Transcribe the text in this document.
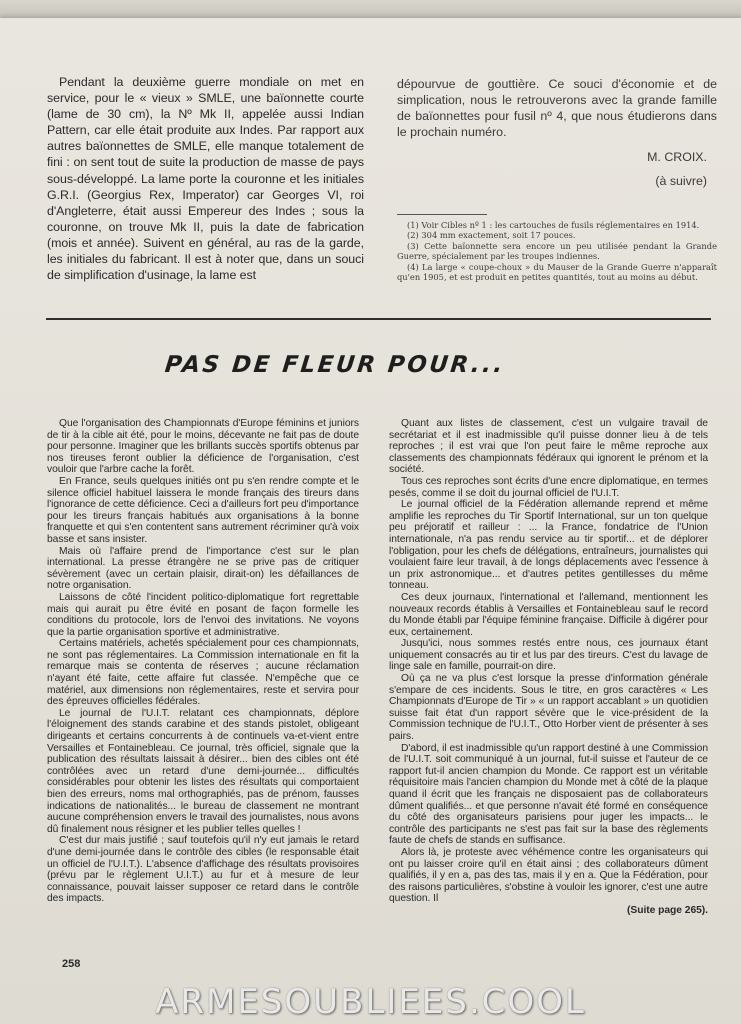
Pendant la deuxième guerre mondiale on met en service, pour le « vieux » SMLE, une baïonnette courte (lame de 30 cm), la Nº Mk II, appelée aussi Indian Pattern, car elle était produite aux Indes. Par rapport aux autres baïonnettes de SMLE, elle manque totalement de fini : on sent tout de suite la production de masse de pays sous-développé. La lame porte la couronne et les initiales G.R.I. (Georgius Rex, Imperator) car Georges VI, roi d'Angleterre, était aussi Empereur des Indes ; sous la couronne, on trouve Mk II, puis la date de fabrication (mois et année). Suivent en général, au ras de la garde, les initiales du fabricant. Il est à noter que, dans un souci de simplification d'usinage, la lame est

dépourvue de gouttière. Ce souci d'économie et de simplication, nous le retrouverons avec la grande famille de baïonnettes pour fusil nº 4, que nous étudierons dans le prochain numéro.

M. CROIX.
(à suivre)

(1) Voir Cibles nº 1 : les cartouches de fusils réglementaires en 1914.

(2) 304 mm exactement, soit 17 pouces.

(3) Cette baïonnette sera encore un peu utilisée pendant la Grande Guerre, spécialement par les troupes indiennes.

(4) La large « coupe-choux » du Mauser de la Grande Guerre n'apparaît qu'en 1905, et est produit en petites quantités, tout au moins au début.

PAS DE FLEUR POUR...

Que l'organisation des Championnats d'Europe féminins et juniors de tir à la cible ait été, pour le moins, décevante ne fait pas de doute pour personne. Imaginer que les brillants succès sportifs obtenus par nos tireuses feront oublier la déficience de l'organisation, c'est vouloir que l'arbre cache la forêt.

En France, seuls quelques initiés ont pu s'en rendre compte et le silence officiel habituel laissera le monde français des tireurs dans l'ignorance de cette déficience. Ceci a d'ailleurs fort peu d'importance pour les tireurs français habitués aux organisations à la bonne franquette et qui s'en contentent sans autrement récriminer qu'à voix basse et sans insister.

Mais où l'affaire prend de l'importance c'est sur le plan international. La presse étrangère ne se prive pas de critiquer sévèrement (avec un certain plaisir, dirait-on) les défaillances de notre organisation.

Laissons de côté l'incident politico-diplomatique fort regrettable mais qui aurait pu être évité en posant de façon formelle les conditions du protocole, lors de l'envoi des invitations. Ne voyons que la partie organisation sportive et administrative.

Certains matériels, achetés spécialement pour ces championnats, ne sont pas réglementaires. La Commission internationale en fit la remarque mais se contenta de réserves ; aucune réclamation n'ayant été faite, cette affaire fut classée. N'empêche que ce matériel, aux dimensions non réglementaires, reste et servira pour des épreuves officielles fédérales.

Le journal de l'U.I.T. relatant ces championnats, déplore l'éloignement des stands carabine et des stands pistolet, obligeant dirigeants et certains concurrents à de continuels va-et-vient entre Versailles et Fontainebleau. Ce journal, très officiel, signale que la publication des résultats laissait à désirer... bien des cibles ont été contrôlées avec un retard d'une demi-journée... difficultés considérables pour obtenir les listes des résultats qui comportaient bien des erreurs, noms mal orthographiés, pas de prénom, fausses indications de nationalités... le bureau de classement ne montrant aucune compréhension envers le travail des journalistes, nous avons dû finalement nous résigner et les publier telles quelles !

C'est dur mais justifié ; sauf toutefois qu'il n'y eut jamais le retard d'une demi-journée dans le contrôle des cibles (le responsable était un officiel de l'U.I.T.). L'absence d'affichage des résultats provisoires (prévu par le règlement U.I.T.) au fur et à mesure de leur connaissance, pouvait laisser supposer ce retard dans le contrôle des impacts.

Quant aux listes de classement, c'est un vulgaire travail de secrétariat et il est inadmissible qu'il puisse donner lieu à de tels reproches ; il est vrai que l'on peut faire le même reproche aux classements des championnats fédéraux qui ignorent le prénom et la société.

Tous ces reproches sont écrits d'une encre diplomatique, en termes pesés, comme il se doit du journal officiel de l'U.I.T.

Le journal officiel de la Fédération allemande reprend et même amplifie les reproches du Tir Sportif International, sur un ton quelque peu préjoratif et railleur : ... la France, fondatrice de l'Union internationale, n'a pas rendu service au tir sportif... et de déplorer l'obligation, pour les chefs de délégations, entraîneurs, journalistes qui voulaient faire leur travail, à de longs déplacements avec l'essence à un prix astronomique... et d'autres petites gentillesses du même tonneau.

Ces deux journaux, l'international et l'allemand, mentionnent les nouveaux records établis à Versailles et Fontainebleau sauf le record du Monde établi par l'équipe féminine française. Difficile à digérer pour eux, certainement.

Jusqu'ici, nous sommes restés entre nous, ces journaux étant uniquement consacrés au tir et lus par des tireurs. C'est du lavage de linge sale en famille, pourrait-on dire.

Où ça ne va plus c'est lorsque la presse d'information générale s'empare de ces incidents. Sous le titre, en gros caractères « Les Championnats d'Europe de Tir » « un rapport accablant » un quotidien suisse fait état d'un rapport sévère que le vice-président de la Commission technique de l'U.I.T., Otto Horber vient de présenter à ses pairs.

D'abord, il est inadmissible qu'un rapport destiné à une Commission de l'U.I.T. soit communiqué à un journal, fut-il suisse et l'auteur de ce rapport fut-il ancien champion du Monde. Ce rapport est un véritable réquisitoire mais l'ancien champion du Monde met à côté de la plaque quand il écrit que les français ne disposaient pas de collaborateurs dûment qualifiés... et que personne n'avait été formé en conséquence du côté des organisateurs parisiens pour juger les impacts... le contrôle des participants ne s'est pas fait sur la base des règlements faute de chefs de stands en suffisance.

Alors là, je proteste avec véhémence contre les organisateurs qui ont pu laisser croire qu'il en était ainsi ; des collaborateurs dûment qualifiés, il y en a, pas des tas, mais il y en a. Que la Fédération, pour des raisons particulières, s'obstine à vouloir les ignorer, c'est une autre question. Il

(Suite page 265).
258
ARMESOUBLIEES.COOL
